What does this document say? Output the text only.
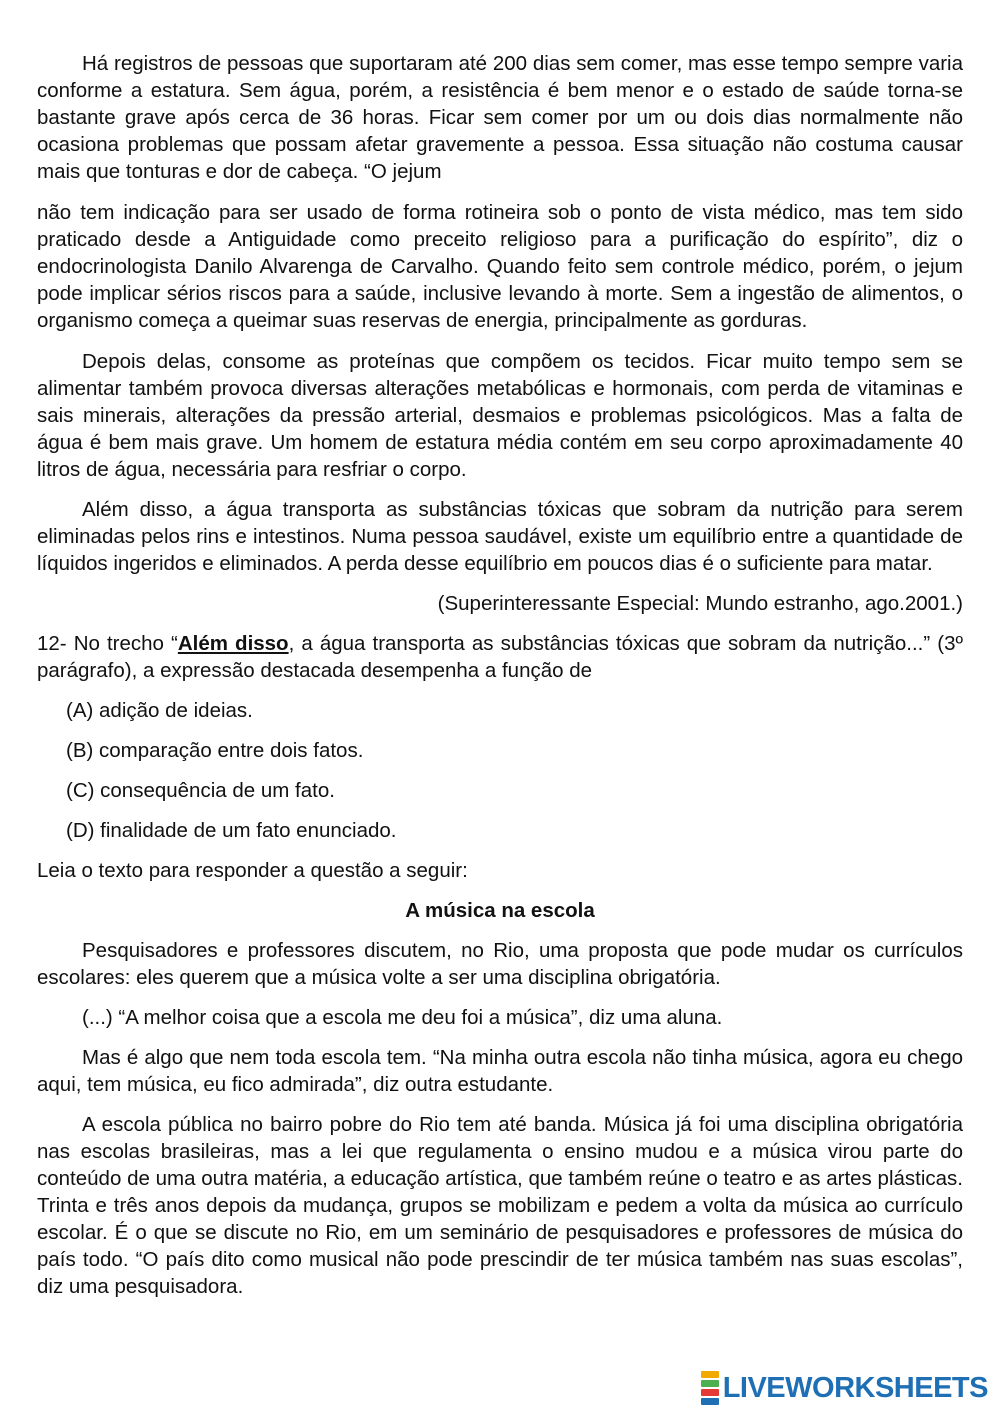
Há registros de pessoas que suportaram até 200 dias sem comer, mas esse tempo sempre varia conforme a estatura. Sem água, porém, a resistência é bem menor e o estado de saúde torna-se bastante grave após cerca de 36 horas. Ficar sem comer por um ou dois dias normalmente não ocasiona problemas que possam afetar gravemente a pessoa. Essa situação não costuma causar mais que tonturas e dor de cabeça. “O jejum

não tem indicação para ser usado de forma rotineira sob o ponto de vista médico, mas tem sido praticado desde a Antiguidade como preceito religioso para a purificação do espírito”, diz o endocrinologista Danilo Alvarenga de Carvalho. Quando feito sem controle médico, porém, o jejum pode implicar sérios riscos para a saúde, inclusive levando à morte. Sem a ingestão de alimentos, o organismo começa a queimar suas reservas de energia, principalmente as gorduras.

Depois delas, consome as proteínas que compõem os tecidos. Ficar muito tempo sem se alimentar também provoca diversas alterações metabólicas e hormonais, com perda de vitaminas e sais minerais, alterações da pressão arterial, desmaios e problemas psicológicos. Mas a falta de água é bem mais grave. Um homem de estatura média contém em seu corpo aproximadamente 40 litros de água, necessária para resfriar o corpo.

Além disso, a água transporta as substâncias tóxicas que sobram da nutrição para serem eliminadas pelos rins e intestinos. Numa pessoa saudável, existe um equilíbrio entre a quantidade de líquidos ingeridos e eliminados. A perda desse equilíbrio em poucos dias é o suficiente para matar.

(Superinteressante Especial: Mundo estranho, ago.2001.)

12- No trecho “Além disso, a água transporta as substâncias tóxicas que sobram da nutrição...” (3º parágrafo), a expressão destacada desempenha a função de

(A) adição de ideias.

(B) comparação entre dois fatos.

(C) consequência de um fato.

(D) finalidade de um fato enunciado.

Leia o texto para responder a questão a seguir:

A música na escola

Pesquisadores e professores discutem, no Rio, uma proposta que pode mudar os currículos escolares: eles querem que a música volte a ser uma disciplina obrigatória.

(...) “A melhor coisa que a escola me deu foi a música”, diz uma aluna.

Mas é algo que nem toda escola tem. “Na minha outra escola não tinha música, agora eu chego aqui, tem música, eu fico admirada”, diz outra estudante.

A escola pública no bairro pobre do Rio tem até banda. Música já foi uma disciplina obrigatória nas escolas brasileiras, mas a lei que regulamenta o ensino mudou e a música virou parte do conteúdo de uma outra matéria, a educação artística, que também reúne o teatro e as artes plásticas. Trinta e três anos depois da mudança, grupos se mobilizam e pedem a volta da música ao currículo escolar. É o que se discute no Rio, em um seminário de pesquisadores e professores de música do país todo. “O país dito como musical não pode prescindir de ter música também nas suas escolas”, diz uma pesquisadora.

LIVEWORKSHEETS
